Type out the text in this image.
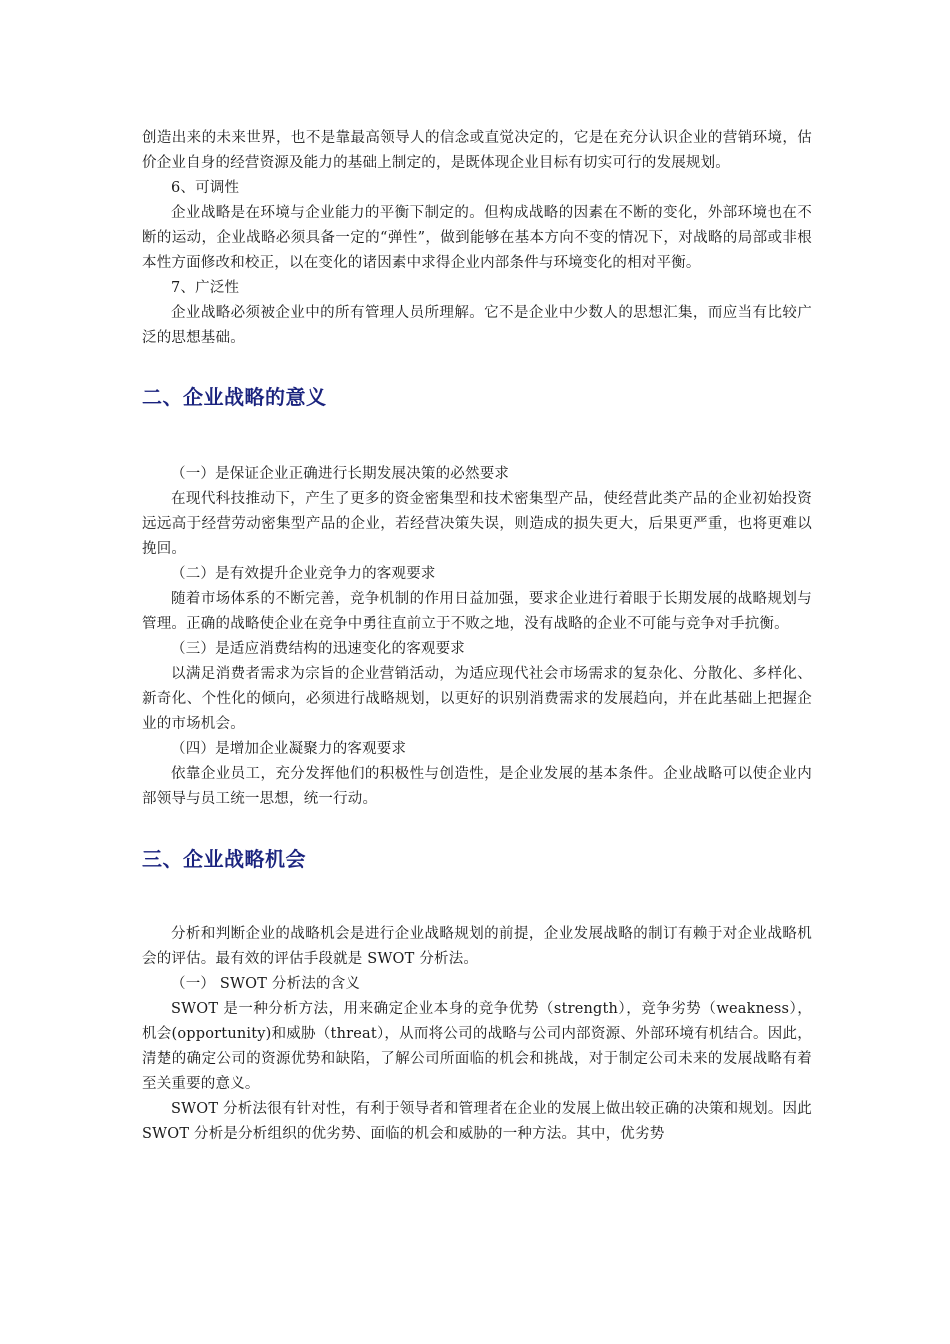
创造出来的未来世界，也不是靠最高领导人的信念或直觉决定的，它是在充分认识企业的营销环境，估价企业自身的经营资源及能力的基础上制定的，是既体现企业目标有切实可行的发展规划。

6、可调性

企业战略是在环境与企业能力的平衡下制定的。但构成战略的因素在不断的变化，外部环境也在不断的运动，企业战略必须具备一定的“弹性”，做到能够在基本方向不变的情况下，对战略的局部或非根本性方面修改和校正，以在变化的诸因素中求得企业内部条件与环境变化的相对平衡。

7、广泛性

企业战略必须被企业中的所有管理人员所理解。它不是企业中少数人的思想汇集，而应当有比较广泛的思想基础。

二、企业战略的意义

（一）是保证企业正确进行长期发展决策的必然要求

在现代科技推动下，产生了更多的资金密集型和技术密集型产品，使经营此类产品的企业初始投资远远高于经营劳动密集型产品的企业，若经营决策失误，则造成的损失更大，后果更严重，也将更难以挽回。

（二）是有效提升企业竞争力的客观要求

随着市场体系的不断完善，竞争机制的作用日益加强，要求企业进行着眼于长期发展的战略规划与管理。正确的战略使企业在竞争中勇往直前立于不败之地，没有战略的企业不可能与竞争对手抗衡。

（三）是适应消费结构的迅速变化的客观要求

以满足消费者需求为宗旨的企业营销活动，为适应现代社会市场需求的复杂化、分散化、多样化、新奇化、个性化的倾向，必须进行战略规划，以更好的识别消费需求的发展趋向，并在此基础上把握企业的市场机会。

（四）是增加企业凝聚力的客观要求

依靠企业员工，充分发挥他们的积极性与创造性，是企业发展的基本条件。企业战略可以使企业内部领导与员工统一思想，统一行动。

三、企业战略机会

分析和判断企业的战略机会是进行企业战略规划的前提，企业发展战略的制订有赖于对企业战略机会的评估。最有效的评估手段就是 SWOT 分析法。

（一） SWOT 分析法的含义

SWOT 是一种分析方法，用来确定企业本身的竞争优势（strength），竞争劣势（weakness），机会(opportunity)和威胁（threat），从而将公司的战略与公司内部资源、外部环境有机结合。因此，清楚的确定公司的资源优势和缺陷，了解公司所面临的机会和挑战，对于制定公司未来的发展战略有着至关重要的意义。

SWOT 分析法很有针对性，有利于领导者和管理者在企业的发展上做出较正确的决策和规划。因此 SWOT 分析是分析组织的优劣势、面临的机会和威胁的一种方法。其中，优劣势
